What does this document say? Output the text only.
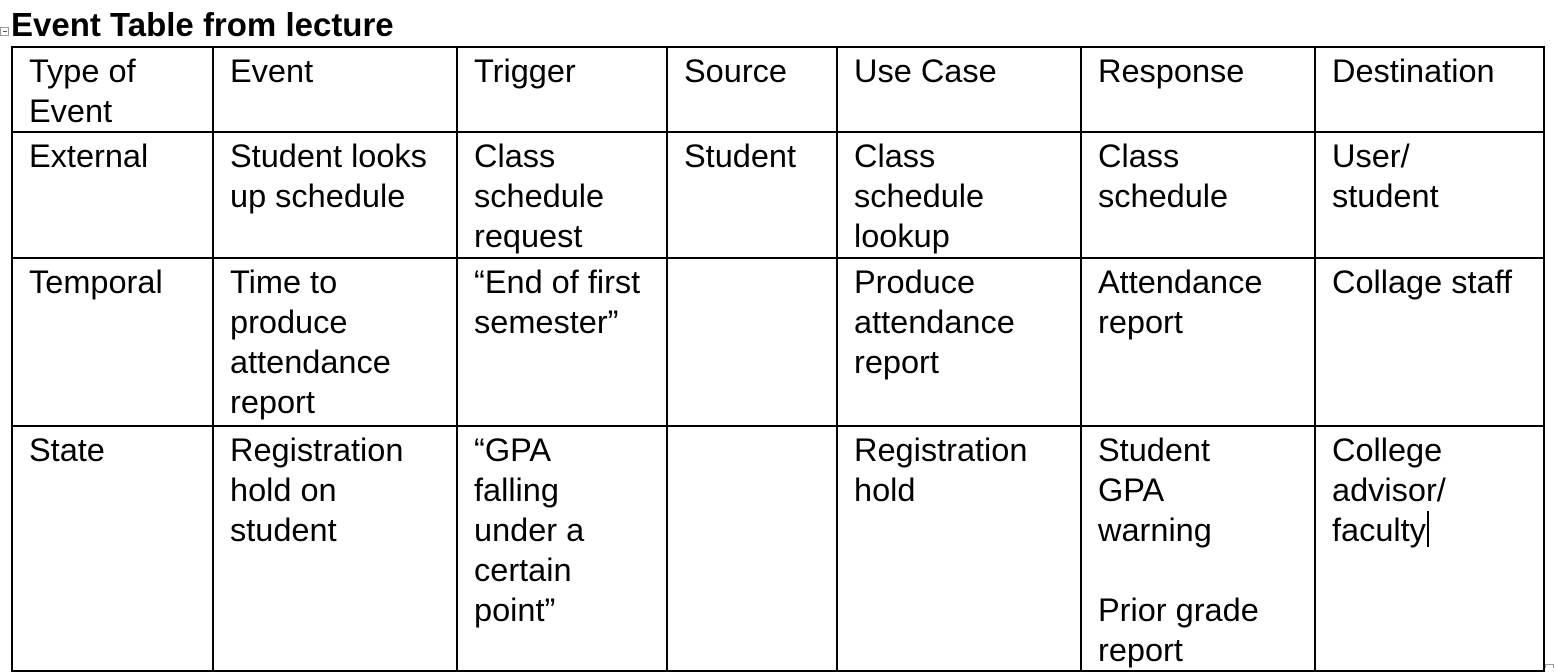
Event Table from lecture
Type of
Event	Event	Trigger	Source	Use Case	Response	Destination

External	Student looks
up schedule	Class
schedule
request	Student	Class
schedule
lookup	Class
schedule	User/
student

Temporal	Time to
produce
attendance
report	“End of first
semester”		Produce
attendance
report	Attendance
report	Collage staff

State	Registration
hold on
student	“GPA
falling
under a
certain
point”		Registration
hold	Student
GPA
warning
Prior grade
report	College
advisor/
faculty
